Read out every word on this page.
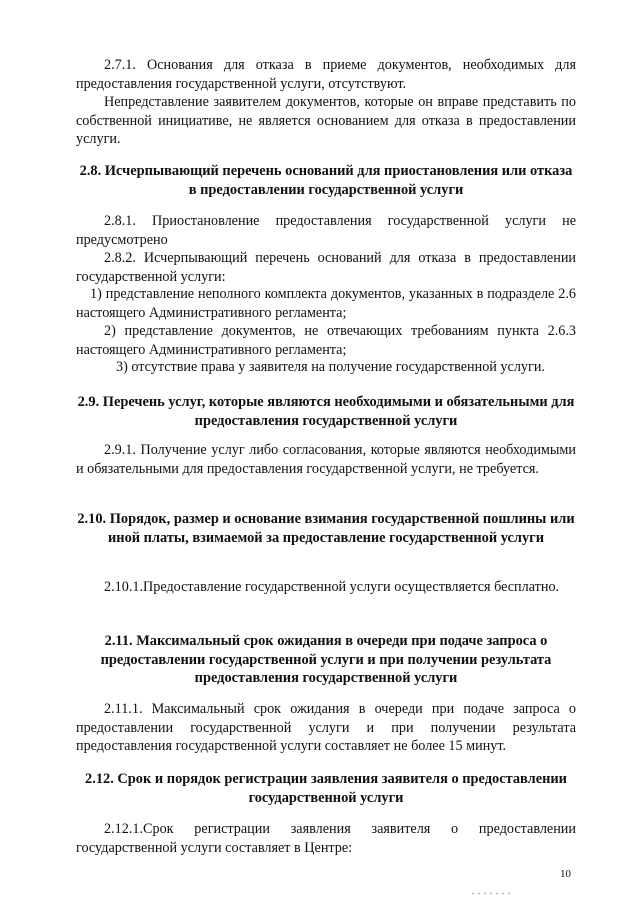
2.7.1. Основания для отказа в приеме документов, необходимых для предоставления государственной услуги, отсутствуют.

Непредставление заявителем документов, которые он вправе представить по собственной инициативе, не является основанием для отказа в предоставлении услуги.

2.8. Исчерпывающий перечень оснований для приостановления или отказа в предоставлении государственной услуги

2.8.1. Приостановление предоставления государственной услуги не предусмотрено

2.8.2. Исчерпывающий перечень оснований для отказа в предоставлении государственной услуги:

1) представление неполного комплекта документов, указанных в подразделе 2.6 настоящего Административного регламента;

2) представление документов, не отвечающих требованиям пункта 2.6.3 настоящего Административного регламента;

3) отсутствие права у заявителя на получение государственной услуги.

2.9. Перечень услуг, которые являются необходимыми и обязательными для предоставления государственной услуги

2.9.1. Получение услуг либо согласования, которые являются необходимыми и обязательными для предоставления государственной услуги, не требуется.

2.10. Порядок, размер и основание взимания государственной пошлины или иной платы, взимаемой за предоставление государственной услуги

2.10.1.Предоставление государственной услуги осуществляется бесплатно.

2.11. Максимальный срок ожидания в очереди при подаче запроса о предоставлении государственной услуги и при получении результата предоставления государственной услуги

2.11.1. Максимальный срок ожидания в очереди при подаче запроса о предоставлении государственной услуги и при получении результата предоставления государственной услуги составляет не более 15 минут.

2.12. Срок и порядок регистрации заявления заявителя о предоставлении государственной услуги

2.12.1.Срок регистрации заявления заявителя о предоставлении государственной услуги составляет в Центре:

10
